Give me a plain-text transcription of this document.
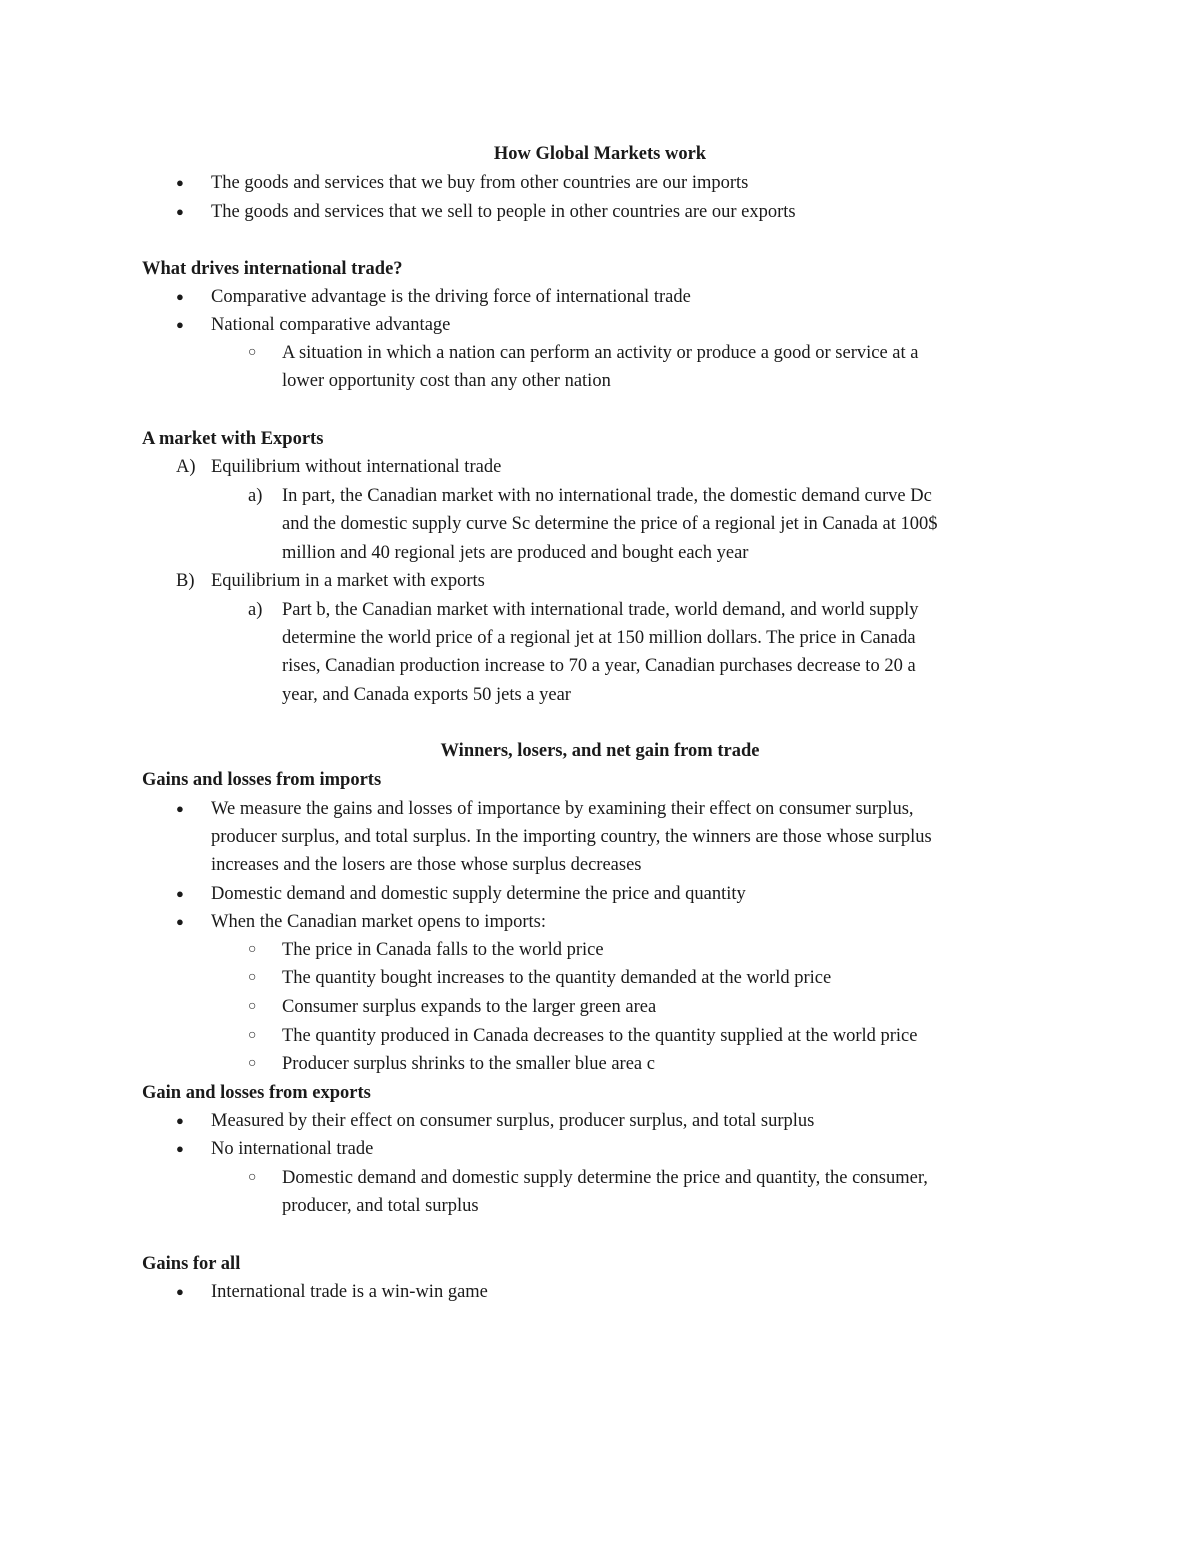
How Global Markets work
● The goods and services that we buy from other countries are our imports
● The goods and services that we sell to people in other countries are our exports
What drives international trade?
● Comparative advantage is the driving force of international trade
● National comparative advantage
○ A situation in which a nation can perform an activity or produce a good or service at a
lower opportunity cost than any other nation
A market with Exports
A) Equilibrium without international trade
a) In part, the Canadian market with no international trade, the domestic demand curve Dc
and the domestic supply curve Sc determine the price of a regional jet in Canada at 100$
million and 40 regional jets are produced and bought each year
B) Equilibrium in a market with exports
a) Part b, the Canadian market with international trade, world demand, and world supply
determine the world price of a regional jet at 150 million dollars. The price in Canada
rises, Canadian production increase to 70 a year, Canadian purchases decrease to 20 a
year, and Canada exports 50 jets a year
Winners, losers, and net gain from trade
Gains and losses from imports
● We measure the gains and losses of importance by examining their effect on consumer surplus,
producer surplus, and total surplus. In the importing country, the winners are those whose surplus
increases and the losers are those whose surplus decreases
● Domestic demand and domestic supply determine the price and quantity
● When the Canadian market opens to imports:
○ The price in Canada falls to the world price
○ The quantity bought increases to the quantity demanded at the world price
○ Consumer surplus expands to the larger green area
○ The quantity produced in Canada decreases to the quantity supplied at the world price
○ Producer surplus shrinks to the smaller blue area c
Gain and losses from exports
● Measured by their effect on consumer surplus, producer surplus, and total surplus
● No international trade
○ Domestic demand and domestic supply determine the price and quantity, the consumer,
producer, and total surplus
Gains for all
● International trade is a win-win game
